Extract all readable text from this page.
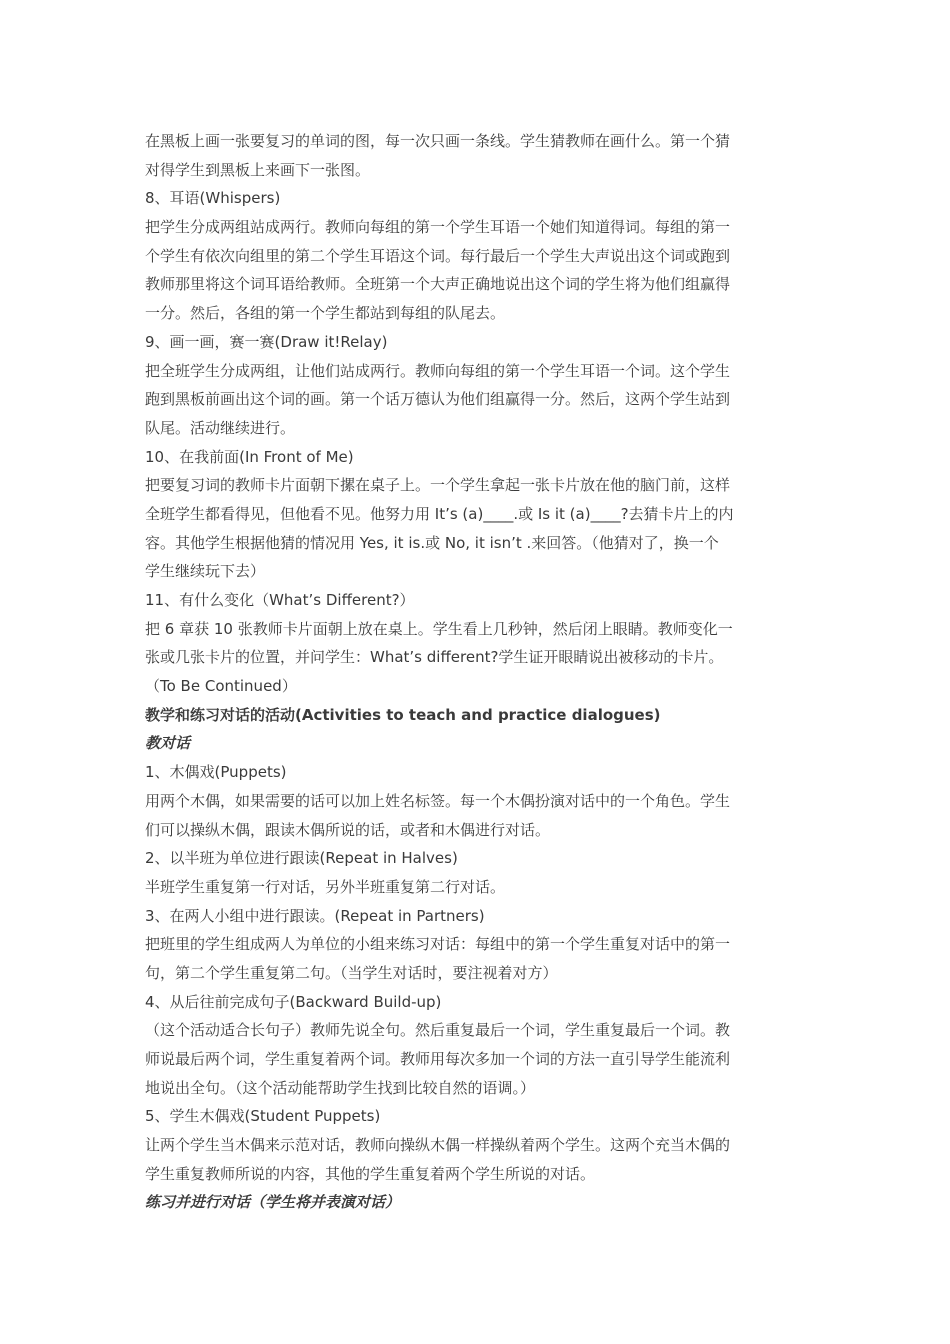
在黑板上画一张要复习的单词的图，每一次只画一条线。学生猜教师在画什么。第一个猜
对得学生到黑板上来画下一张图。
8、耳语(Whispers)
把学生分成两组站成两行。教师向每组的第一个学生耳语一个她们知道得词。每组的第一
个学生有依次向组里的第二个学生耳语这个词。每行最后一个学生大声说出这个词或跑到
教师那里将这个词耳语给教师。全班第一个大声正确地说出这个词的学生将为他们组赢得
一分。然后，各组的第一个学生都站到每组的队尾去。
9、画一画，赛一赛(Draw it!Relay)
把全班学生分成两组，让他们站成两行。教师向每组的第一个学生耳语一个词。这个学生
跑到黑板前画出这个词的画。第一个话万德认为他们组赢得一分。然后，这两个学生站到
队尾。活动继续进行。
10、在我前面(In Front of Me)
把要复习词的教师卡片面朝下摞在桌子上。一个学生拿起一张卡片放在他的脑门前，这样
全班学生都看得见，但他看不见。他努力用 It’s (a)____.或 Is it (a)____?去猜卡片上的内
容。其他学生根据他猜的情况用 Yes, it is.或 No, it isn’t .来回答。（他猜对了，换一个
学生继续玩下去）
11、有什么变化（What’s Different?）
把 6 章获 10 张教师卡片面朝上放在桌上。学生看上几秒钟，然后闭上眼睛。教师变化一
张或几张卡片的位置，并问学生：What’s different?学生证开眼睛说出被移动的卡片。
（To Be Continued）
教学和练习对话的活动(Activities to teach and practice dialogues)
教对话
1、木偶戏(Puppets)
用两个木偶，如果需要的话可以加上姓名标签。每一个木偶扮演对话中的一个角色。学生
们可以操纵木偶，跟读木偶所说的话，或者和木偶进行对话。
2、以半班为单位进行跟读(Repeat in Halves)
半班学生重复第一行对话，另外半班重复第二行对话。
3、在两人小组中进行跟读。(Repeat in Partners)
把班里的学生组成两人为单位的小组来练习对话：每组中的第一个学生重复对话中的第一
句，第二个学生重复第二句。（当学生对话时，要注视着对方）
4、从后往前完成句子(Backward Build-up)
（这个活动适合长句子）教师先说全句。然后重复最后一个词，学生重复最后一个词。教
师说最后两个词，学生重复着两个词。教师用每次多加一个词的方法一直引导学生能流利
地说出全句。（这个活动能帮助学生找到比较自然的语调。）
5、学生木偶戏(Student Puppets)
让两个学生当木偶来示范对话，教师向操纵木偶一样操纵着两个学生。这两个充当木偶的
学生重复教师所说的内容，其他的学生重复着两个学生所说的对话。
练习并进行对话（学生将并表演对话）
